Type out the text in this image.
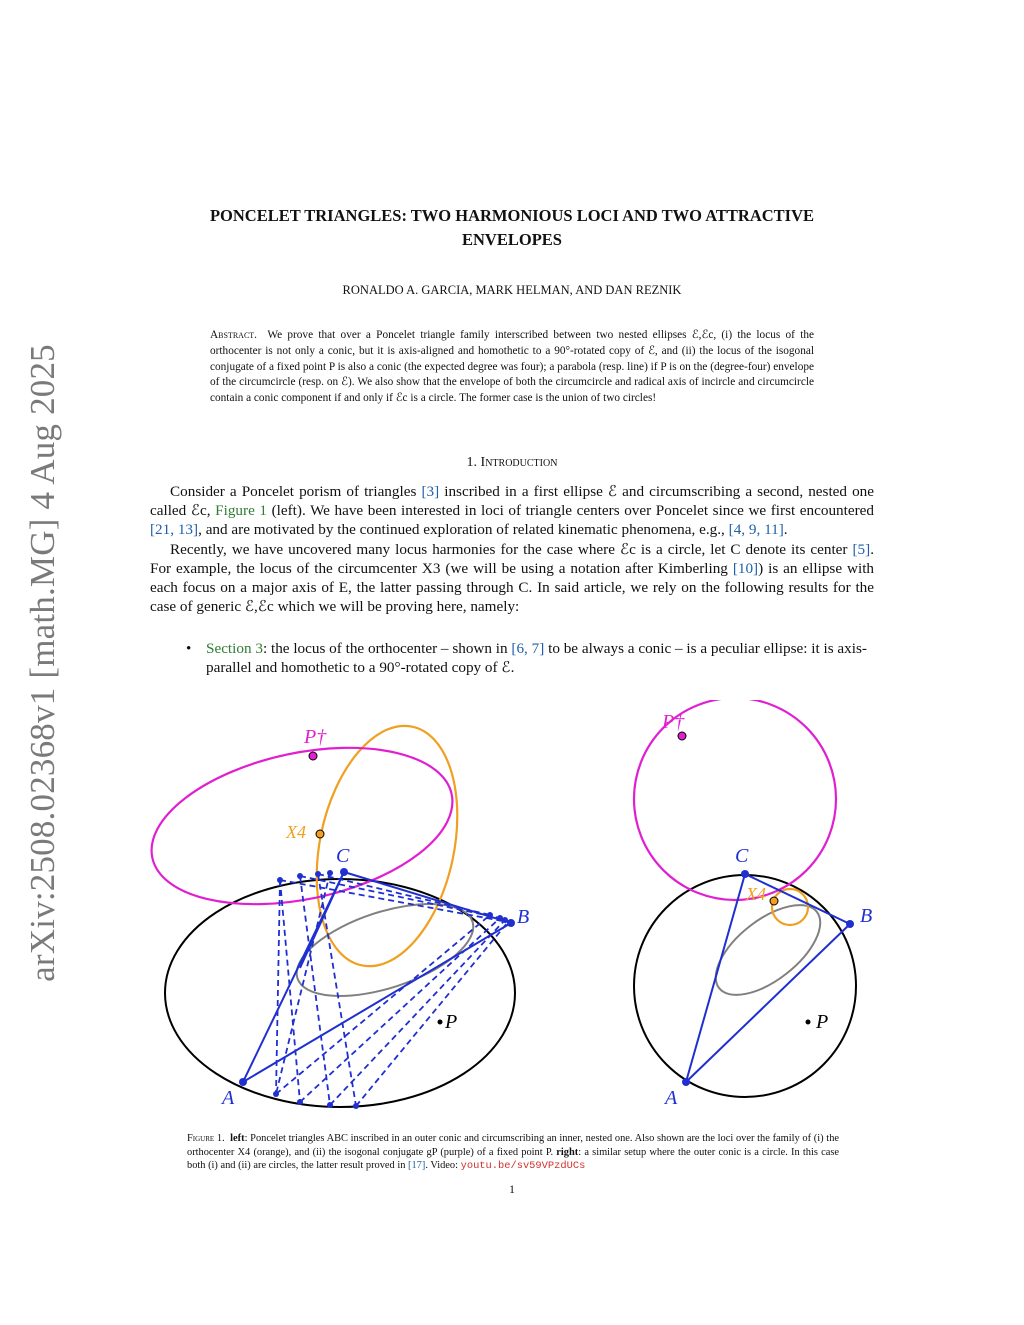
arXiv:2508.02368v1 [math.MG] 4 Aug 2025
PONCELET TRIANGLES: TWO HARMONIOUS LOCI AND TWO ATTRACTIVE ENVELOPES
RONALDO A. GARCIA, MARK HELMAN, AND DAN REZNIK
Abstract. We prove that over a Poncelet triangle family interscribed between two nested ellipses ℰ,ℰc, (i) the locus of the orthocenter is not only a conic, but it is axis-aligned and homothetic to a 90°-rotated copy of ℰ, and (ii) the locus of the isogonal conjugate of a fixed point P is also a conic (the expected degree was four); a parabola (resp. line) if P is on the (degree-four) envelope of the circumcircle (resp. on ℰ). We also show that the envelope of both the circumcircle and radical axis of incircle and circumcircle contain a conic component if and only if ℰc is a circle. The former case is the union of two circles!
1. Introduction

Consider a Poncelet porism of triangles [3] inscribed in a first ellipse ℰ and circumscribing a second, nested one called ℰc, Figure 1 (left). We have been interested in loci of triangle centers over Poncelet since we first encountered [21, 13], and are motivated by the continued exploration of related kinematic phenomena, e.g., [4, 9, 11].

Recently, we have uncovered many locus harmonies for the case where ℰc is a circle, let C denote its center [5]. For example, the locus of the circumcenter X3 (we will be using a notation after Kimberling [10]) is an ellipse with each focus on a major axis of E, the latter passing through C. In said article, we rely on the following results for the case of generic ℰ,ℰc which we will be proving here, namely:

• Section 3: the locus of the orthocenter – shown in [6, 7] to be always a conic – is a peculiar ellipse: it is axis-parallel and homothetic to a 90°-rotated copy of ℰ.
A
B
C
X4
P†
P
A
B
C
X4
P†
P
Figure 1. left: Poncelet triangles ABC inscribed in an outer conic and circumscribing an inner, nested one. Also shown are the loci over the family of (i) the orthocenter X4 (orange), and (ii) the isogonal conjugate gP (purple) of a fixed point P. right: a similar setup where the outer conic is a circle. In this case both (i) and (ii) are circles, the latter result proved in [17]. Video: youtu.be/sv59VPzdUCs
1
